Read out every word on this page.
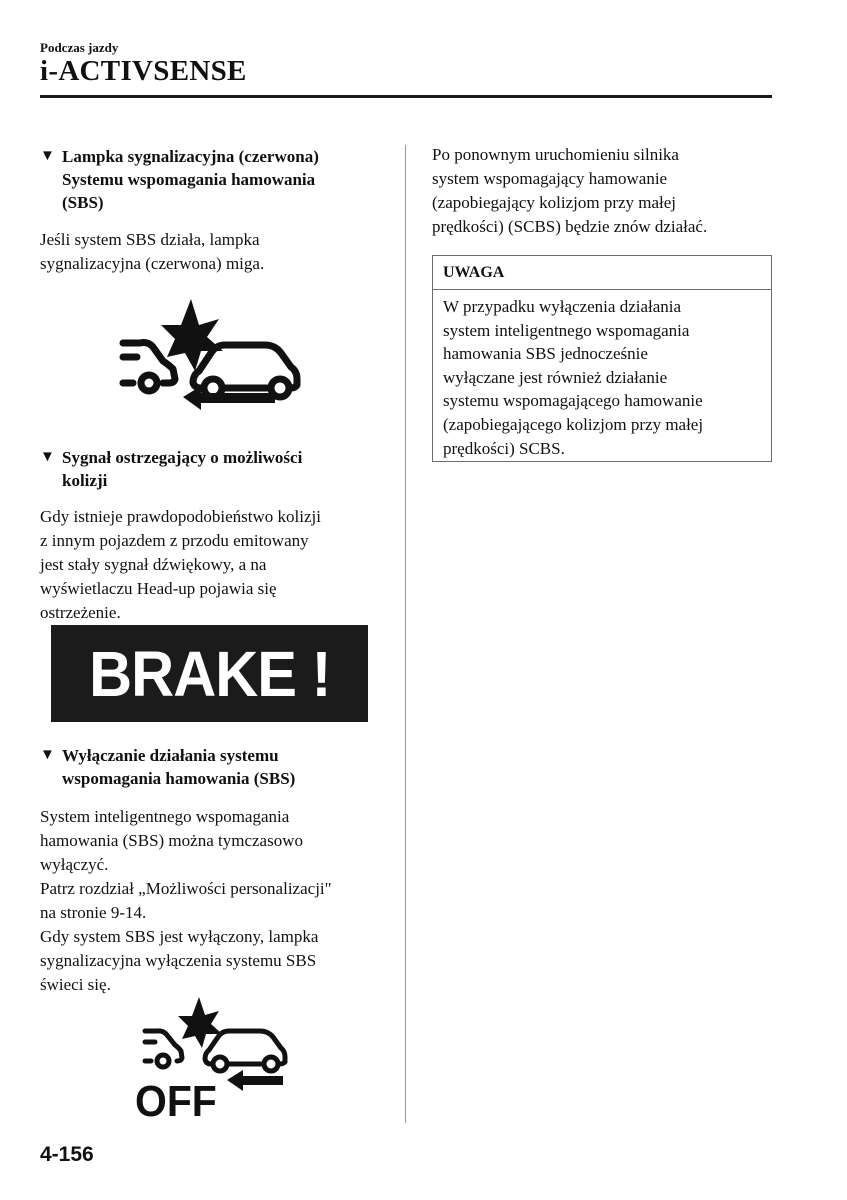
Podczas jazdy
i-ACTIVSENSE
▼ Lampka sygnalizacyjna (czerwona)
Systemu wspomagania hamowania
(SBS)
Jeśli system SBS działa, lampka
sygnalizacyjna (czerwona) miga.
▼ Sygnał ostrzegający o możliwości
kolizji
Gdy istnieje prawdopodobieństwo kolizji
z innym pojazdem z przodu emitowany
jest stały sygnał dźwiękowy, a na
wyświetlaczu Head-up pojawia się
ostrzeżenie.
BRAKE !
▼ Wyłączanie działania systemu
wspomagania hamowania (SBS)
System inteligentnego wspomagania
hamowania (SBS) można tymczasowo
wyłączyć.
Patrz rozdział „Możliwości personalizacji"
na stronie 9-14.
Gdy system SBS jest wyłączony, lampka
sygnalizacyjna wyłączenia systemu SBS
świeci się.
OFF
Po ponownym uruchomieniu silnika
system wspomagający hamowanie
(zapobiegający kolizjom przy małej
prędkości) (SCBS) będzie znów działać.
UWAGA
W przypadku wyłączenia działania
system inteligentnego wspomagania
hamowania SBS jednocześnie
wyłączane jest również działanie
systemu wspomagającego hamowanie
(zapobiegającego kolizjom przy małej
prędkości) SCBS.
4-156
